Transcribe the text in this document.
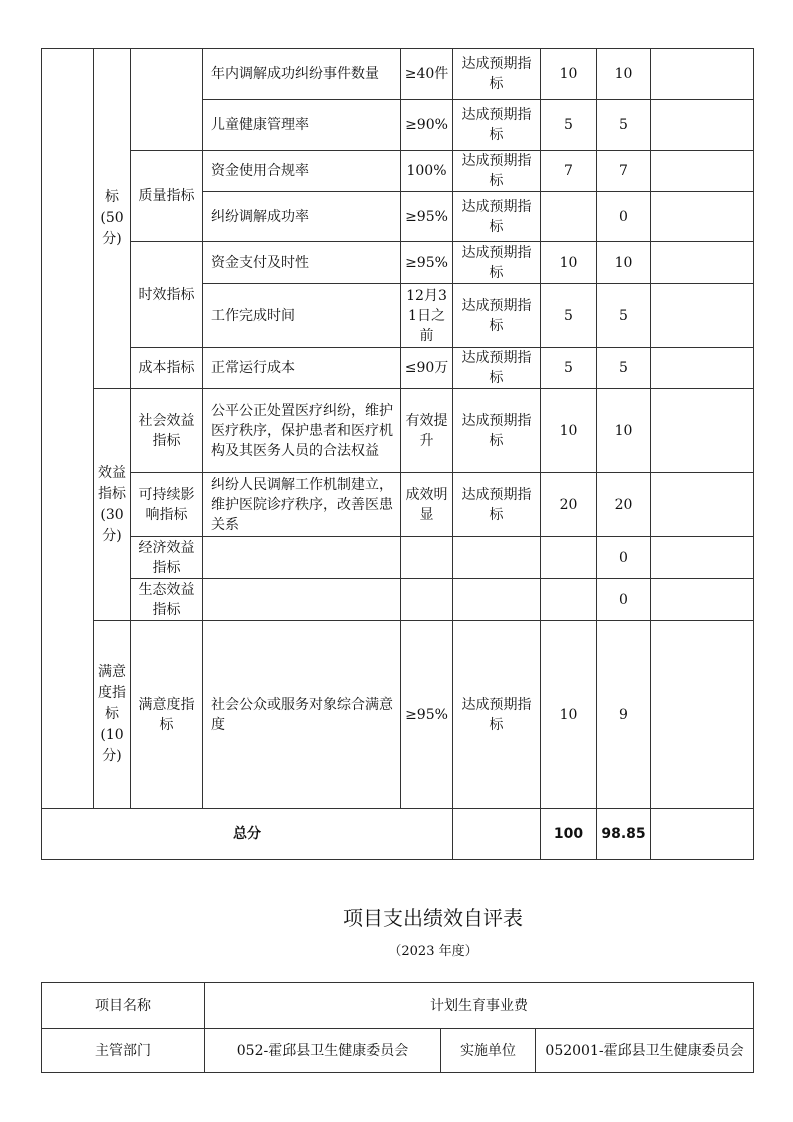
	标(50分)		年内调解成功纠纷事件数量	≥40件	达成预期指标	10	10	
			儿童健康管理率	≥90%	达成预期指标	5	5	
		质量指标	资金使用合规率	100%	达成预期指标	7	7	
			纠纷调解成功率	≥95%	达成预期指标		0	
		时效指标	资金支付及时性	≥95%	达成预期指标	10	10	
			工作完成时间	12月31日之前	达成预期指标	5	5	
		成本指标	正常运行成本	≤90万	达成预期指标	5	5	
	效益指标(30分)	社会效益指标	公平公正处置医疗纠纷，维护医疗秩序，保护患者和医疗机构及其医务人员的合法权益	有效提升	达成预期指标	10	10	
		可持续影响指标	纠纷人民调解工作机制建立，维护医院诊疗秩序，改善医患关系	成效明显	达成预期指标	20	20	
		经济效益指标					0	
		生态效益指标					0	
	满意度指标(10分)	满意度指标	社会公众或服务对象综合满意度	≥95%	达成预期指标	10	9	
总分						100	98.85	
项目支出绩效自评表
（2023 年度）
项目名称	计划生育事业费		
主管部门	052-霍邱县卫生健康委员会	实施单位	052001-霍邱县卫生健康委员会
